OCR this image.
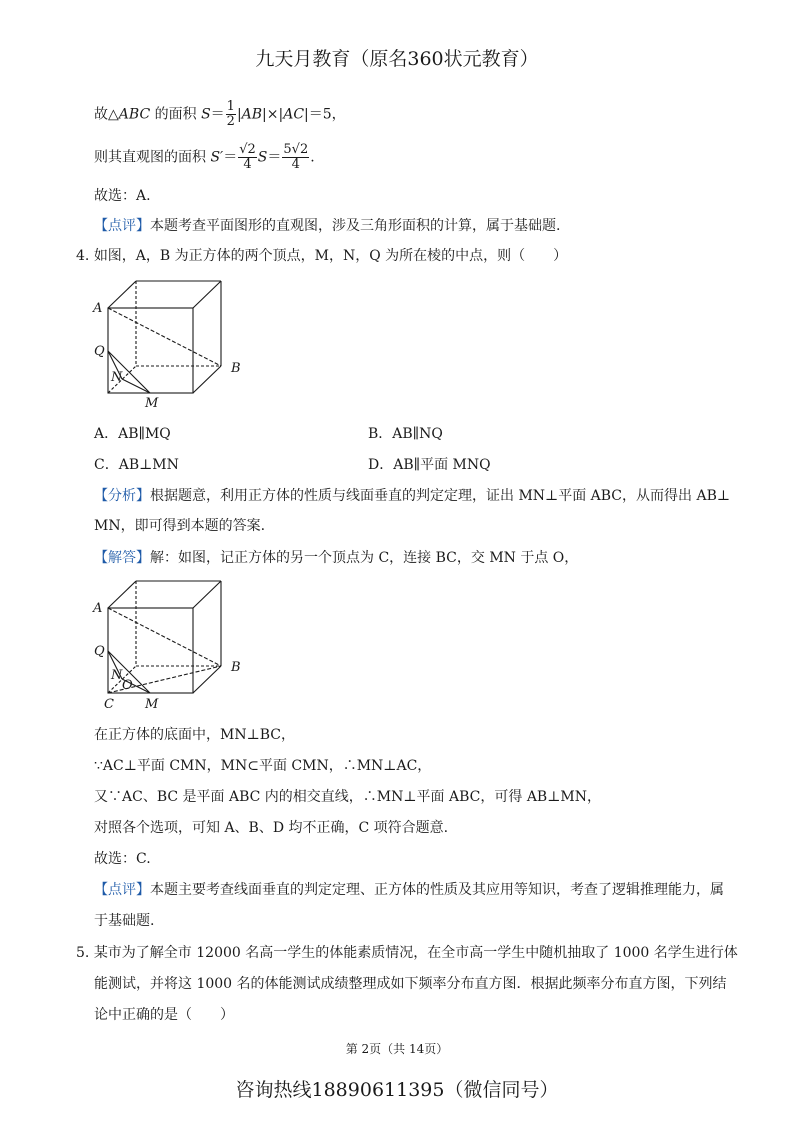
九天月教育（原名360状元教育）
故△ABC 的面积 $S= \frac{1}{2} |AB|\times|AC|=5$，
则其直观图的面积 $S'= \frac{√2}{4} S= \frac{5√2}{4}$ .
故选：A.
【点评】本题考查平面图形的直观图，涉及三角形面积的计算，属于基础题.
4. 如图，A，B 为正方体的两个顶点，M，N，Q 为所在棱的中点，则（　　）
A
B
Q
N
M
A．AB∥MQ	B．AB∥NQ
C．AB⊥MN	D．AB∥平面 MNQ
【分析】根据题意，利用正方体的性质与线面垂直的判定定理，证出 MN⊥平面 ABC，从而得出 AB⊥
MN，即可得到本题的答案.
【解答】解：如图，记正方体的另一个顶点为 C，连接 BC，交 MN 于点 O，
A
B
Q
N
O
C M
在正方体的底面中，MN⊥BC，
∵AC⊥平面 CMN，MN⊂平面 CMN，∴MN⊥AC，
又∵AC、BC 是平面 ABC 内的相交直线，∴MN⊥平面 ABC，可得 AB⊥MN，
对照各个选项，可知 A、B、D 均不正确，C 项符合题意.
故选：C.
【点评】本题主要考查线面垂直的判定定理、正方体的性质及其应用等知识，考查了逻辑推理能力，属
于基础题.
5. 某市为了解全市 12000 名高一学生的体能素质情况，在全市高一学生中随机抽取了 1000 名学生进行体
能测试，并将这 1000 名的体能测试成绩整理成如下频率分布直方图．根据此频率分布直方图，下列结
论中正确的是（　　）
第 2页（共 14页）
咨询热线18890611395（微信同号）
